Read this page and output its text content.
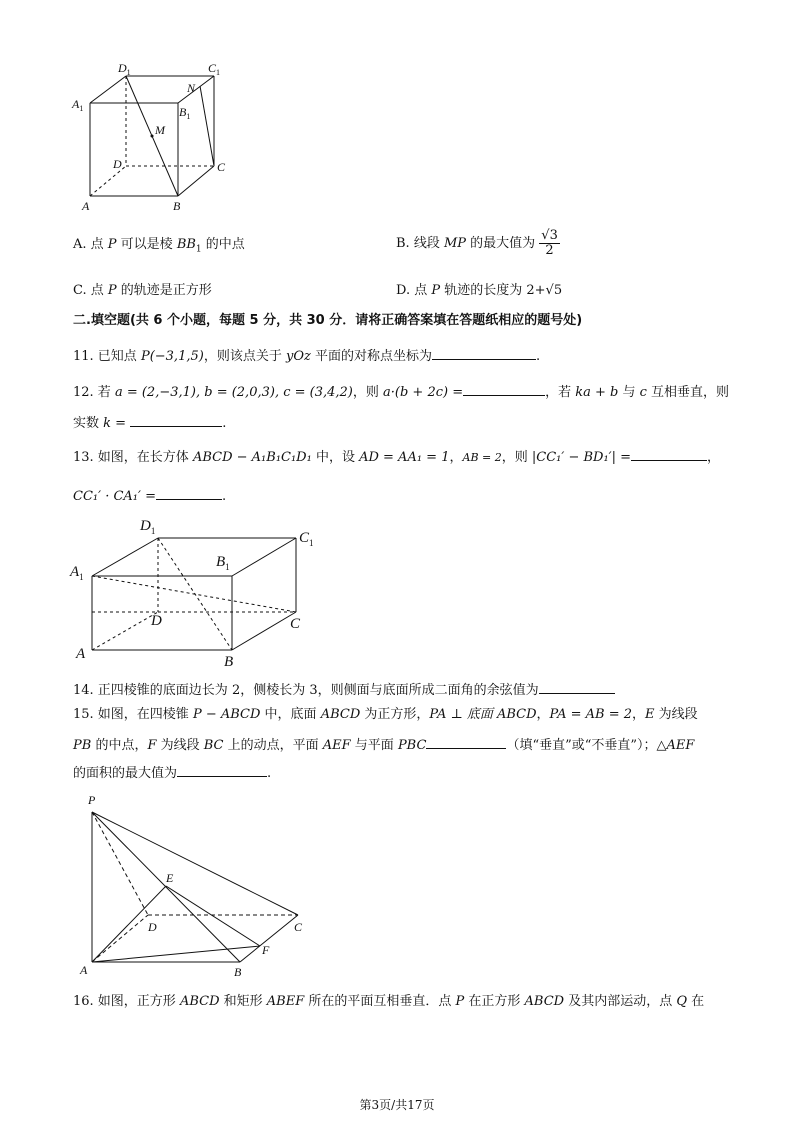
$D_1$	$C_1$
$A_1$	$B_1$
N
M
D	C
A	B
A. 点 P 可以是棱 $BB_1$ 的中点	B. 线段 MP 的最大值为 $\frac{√3}{2}$
C. 点 P 的轨迹是正方形	D. 点 P 轨迹的长度为 2+√5
二.填空题(共 6 个小题，每题 5 分，共 30 分．请将正确答案填在答题纸相应的题号处)
11. 已知点 P(−3,1,5)，则该点关于 yOz 平面的对称点坐标为	.
12. 若 a = (2,−3,1), b = (2,0,3), c = (3,4,2)，则 a·(b + 2c) =	，若 ka + b 与 c 互相垂直，则
实数 k =	.
13. 如图，在长方体 ABCD − A₁B₁C₁D₁ 中，设 AD = AA₁ = 1，AB = 2，则 |CC₁′ − BD₁′| =	，
CC₁′ · CA₁′ =	.
$D_1$	$C_1$
$A_1$
$B_1$
D	C
A	B
14. 正四棱锥的底面边长为 2，侧棱长为 3，则侧面与底面所成二面角的余弦值为
15. 如图，在四棱锥 P − ABCD 中，底面 ABCD 为正方形，PA ⊥ 底面 ABCD，PA = AB = 2，E 为线段
PB 的中点，F 为线段 BC 上的动点，平面 AEF 与平面 PBC	（填“垂直”或“不垂直”）；△AEF
的面积的最大值为	.
P
E
D	C
A	B
F
16. 如图，正方形 ABCD 和矩形 ABEF 所在的平面互相垂直．点 P 在正方形 ABCD 及其内部运动，点 Q 在
第3页/共17页
